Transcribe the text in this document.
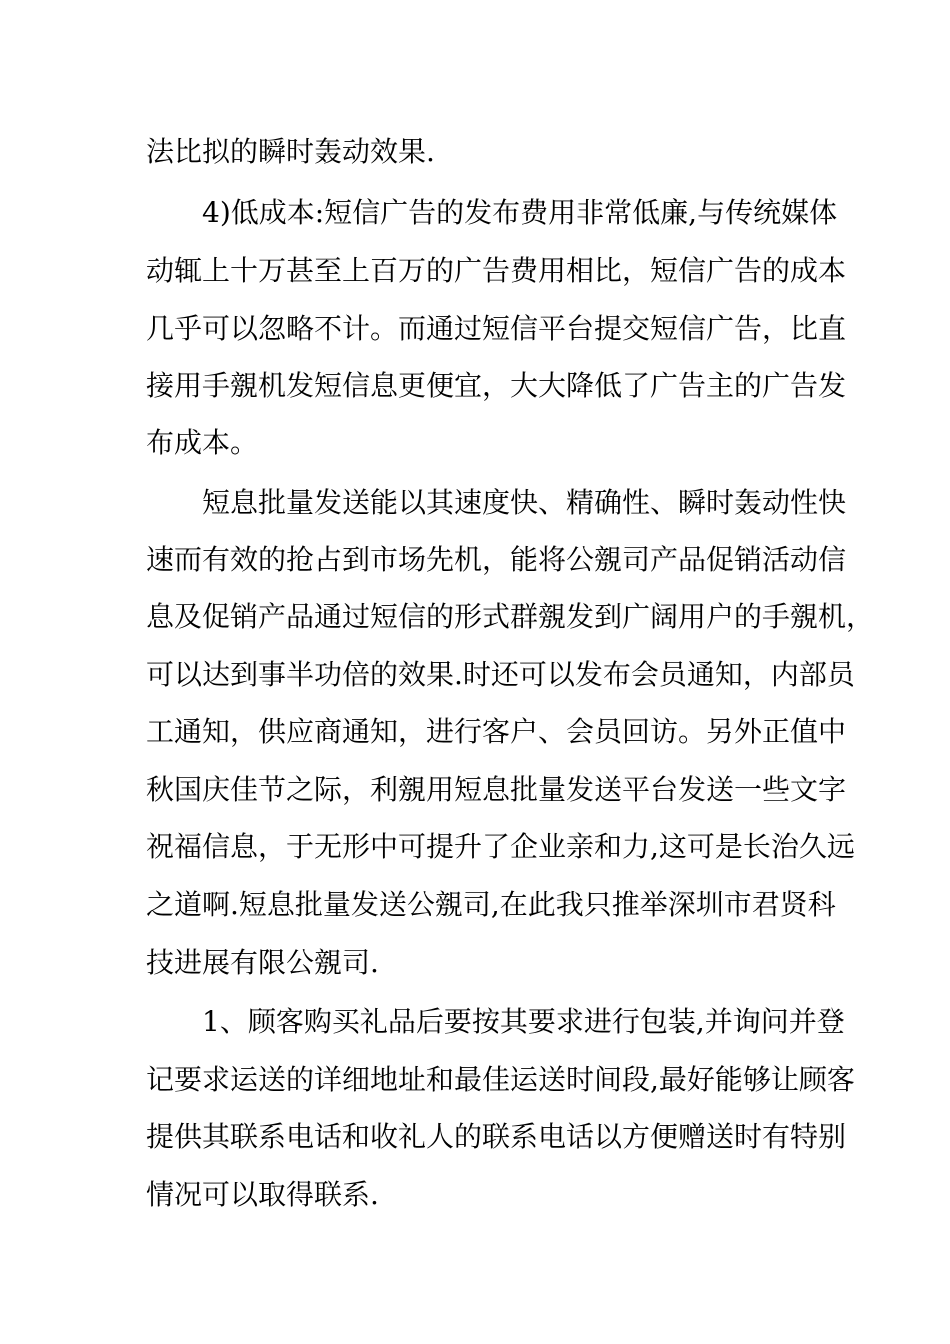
法比拟的瞬时轰动效果.
4)低成本:短信广告的发布费用非常低廉,与传统媒体
动辄上十万甚至上百万的广告费用相比，短信广告的成本
几乎可以忽略不计。而通过短信平台提交短信广告，比直
接用手覫机发短信息更便宜，大大降低了广告主的广告发
布成本。
短息批量发送能以其速度快、精确性、瞬时轰动性快
速而有效的抢占到市场先机，能将公覫司产品促销活动信
息及促销产品通过短信的形式群覫发到广阔用户的手覫机，
可以达到事半功倍的效果.时还可以发布会员通知，内部员
工通知，供应商通知，进行客户、会员回访。另外正值中
秋国庆佳节之际，利覫用短息批量发送平台发送一些文字
祝福信息，于无形中可提升了企业亲和力,这可是长治久远
之道啊.短息批量发送公覫司,在此我只推举深圳市君贤科
技进展有限公覫司.
1、顾客购买礼品后要按其要求进行包装,并询问并登
记要求运送的详细地址和最佳运送时间段,最好能够让顾客
提供其联系电话和收礼人的联系电话以方便赠送时有特别
情况可以取得联系.
